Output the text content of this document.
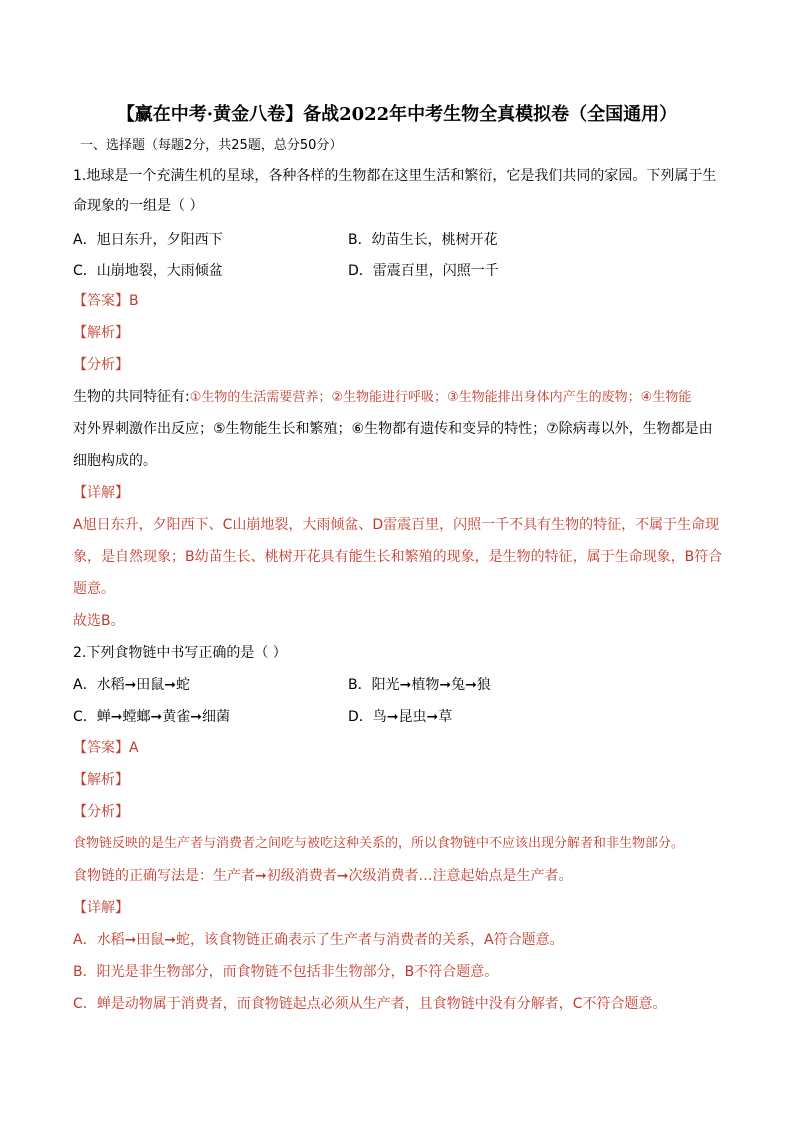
【赢在中考·黄金八卷】备战2022年中考生物全真模拟卷（全国通用）
一、选择题（每题2分，共25题，总分50分）
1.地球是一个充满生机的星球，各种各样的生物都在这里生活和繁衍，它是我们共同的家园。下列属于生
命现象的一组是（ ）
A．旭日东升，夕阳西下	B．幼苗生长，桃树开花
C．山崩地裂，大雨倾盆	D．雷震百里，闪照一千
【答案】B
【解析】
【分析】
生物的共同特征有:①生物的生活需要营养；②生物能进行呼吸；③生物能排出身体内产生的废物；④生物能
对外界刺激作出反应；⑤生物能生长和繁殖；⑥生物都有遗传和变异的特性；⑦除病毒以外，生物都是由
细胞构成的。
【详解】
A旭日东升，夕阳西下、C山崩地裂，大雨倾盆、D雷震百里，闪照一千不具有生物的特征，不属于生命现
象，是自然现象；B幼苗生长、桃树开花具有能生长和繁殖的现象，是生物的特征，属于生命现象，B符合
题意。
故选B。
2.下列食物链中书写正确的是（ ）
A．水稻➞田鼠➞蛇	B．阳光➞植物➞兔➞狼
C．蝉➞螳螂➞黄雀➞细菌	D．鸟➞昆虫➞草
【答案】A
【解析】
【分析】
食物链反映的是生产者与消费者之间吃与被吃这种关系的，所以食物链中不应该出现分解者和非生物部分。
食物链的正确写法是：生产者➞初级消费者➞次级消费者…注意起始点是生产者。
【详解】
A．水稻➞田鼠➞蛇，该食物链正确表示了生产者与消费者的关系，A符合题意。
B．阳光是非生物部分，而食物链不包括非生物部分，B不符合题意。
C．蝉是动物属于消费者，而食物链起点必须从生产者，且食物链中没有分解者，C不符合题意。
